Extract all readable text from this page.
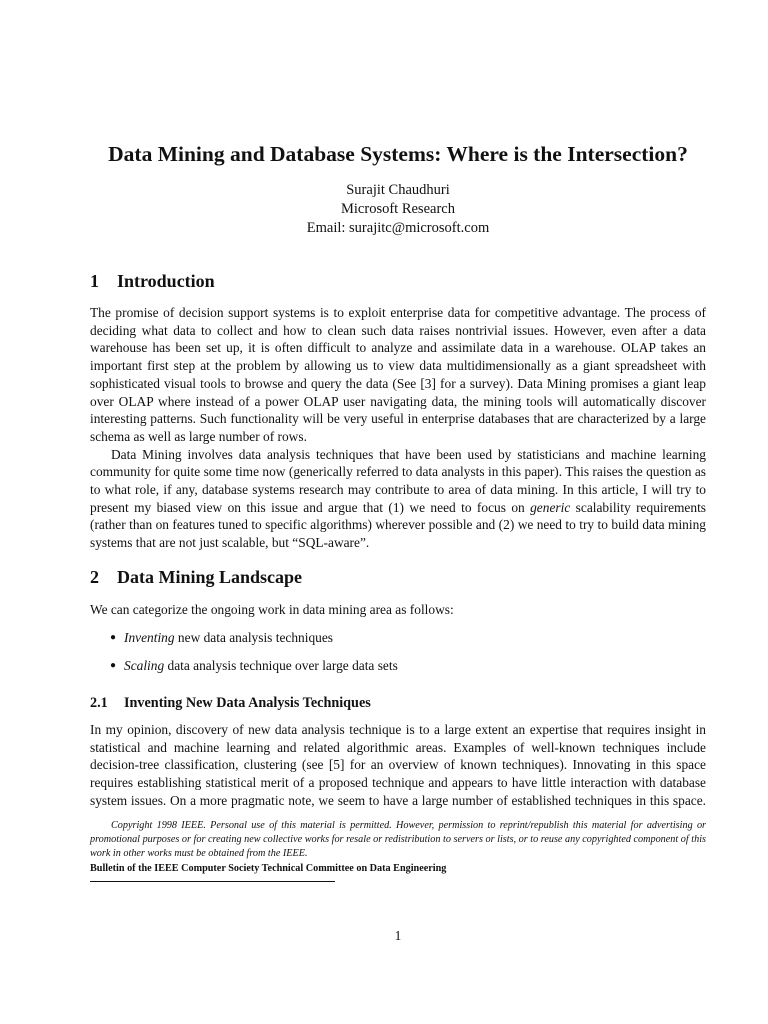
Data Mining and Database Systems: Where is the Intersection?
Surajit Chaudhuri
Microsoft Research
Email: surajitc@microsoft.com
1 Introduction

The promise of decision support systems is to exploit enterprise data for competitive advantage. The process of deciding what data to collect and how to clean such data raises nontrivial issues. However, even after a data warehouse has been set up, it is often difficult to analyze and assimilate data in a warehouse. OLAP takes an important first step at the problem by allowing us to view data multidimensionally as a giant spreadsheet with sophisticated visual tools to browse and query the data (See [3] for a survey). Data Mining promises a giant leap over OLAP where instead of a power OLAP user navigating data, the mining tools will automatically discover interesting patterns. Such functionality will be very useful in enterprise databases that are characterized by a large schema as well as large number of rows.

Data Mining involves data analysis techniques that have been used by statisticians and machine learning community for quite some time now (generically referred to data analysts in this paper). This raises the question as to what role, if any, database systems research may contribute to area of data mining. In this article, I will try to present my biased view on this issue and argue that (1) we need to focus on generic scalability requirements (rather than on features tuned to specific algorithms) wherever possible and (2) we need to try to build data mining systems that are not just scalable, but “SQL-aware”.

2 Data Mining Landscape
We can categorize the ongoing work in data mining area as follows:
● Inventing new data analysis techniques
● Scaling data analysis technique over large data sets
2.1 Inventing New Data Analysis Techniques

In my opinion, discovery of new data analysis technique is to a large extent an expertise that requires insight in statistical and machine learning and related algorithmic areas. Examples of well-known techniques include decision-tree classification, clustering (see [5] for an overview of known techniques). Innovating in this space requires establishing statistical merit of a proposed technique and appears to have little interaction with database system issues. On a more pragmatic note, we seem to have a large number of established techniques in this space.

Copyright 1998 IEEE. Personal use of this material is permitted. However, permission to reprint/republish this material for advertising or promotional purposes or for creating new collective works for resale or redistribution to servers or lists, or to reuse any copyrighted component of this work in other works must be obtained from the IEEE.

Bulletin of the IEEE Computer Society Technical Committee on Data Engineering

1
